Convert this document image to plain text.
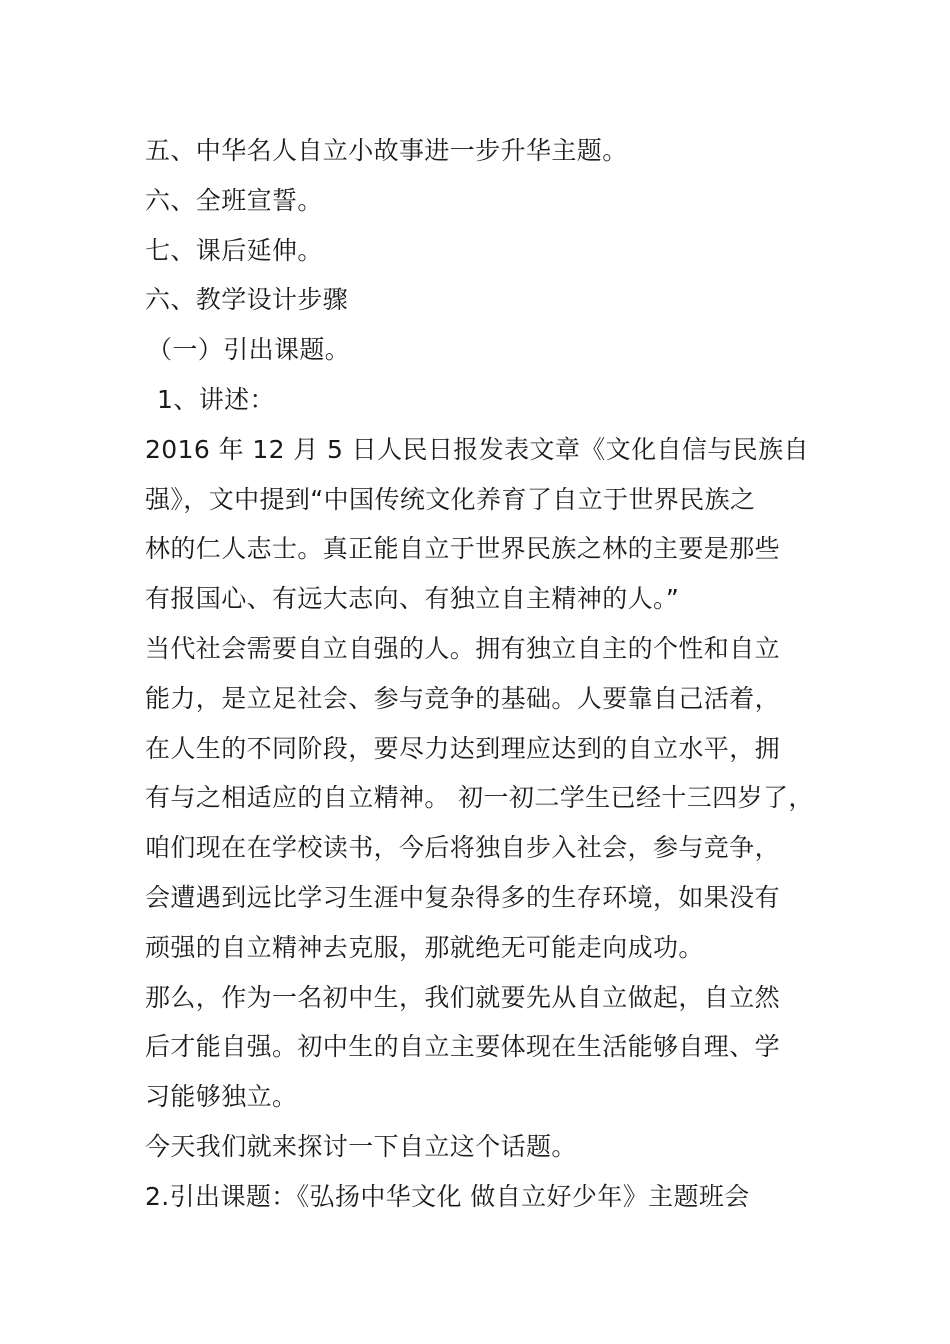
五、中华名人自立小故事进一步升华主题。
六、全班宣誓。
七、课后延伸。
六、教学设计步骤
（一）引出课题。
1、讲述：
2016 年 12 月 5 日人民日报发表文章《文化自信与民族自
强》，文中提到“中国传统文化养育了自立于世界民族之
林的仁人志士。真正能自立于世界民族之林的主要是那些
有报国心、有远大志向、有独立自主精神的人。”
当代社会需要自立自强的人。拥有独立自主的个性和自立
能力，是立足社会、参与竞争的基础。人要靠自己活着，
在人生的不同阶段，要尽力达到理应达到的自立水平，拥
有与之相适应的自立精神。 初一初二学生已经十三四岁了，
咱们现在在学校读书，今后将独自步入社会，参与竞争，
会遭遇到远比学习生涯中复杂得多的生存环境，如果没有
顽强的自立精神去克服，那就绝无可能走向成功。
那么，作为一名初中生，我们就要先从自立做起，自立然
后才能自强。初中生的自立主要体现在生活能够自理、学
习能够独立。
今天我们就来探讨一下自立这个话题。
2.引出课题：《弘扬中华文化 做自立好少年》主题班会
